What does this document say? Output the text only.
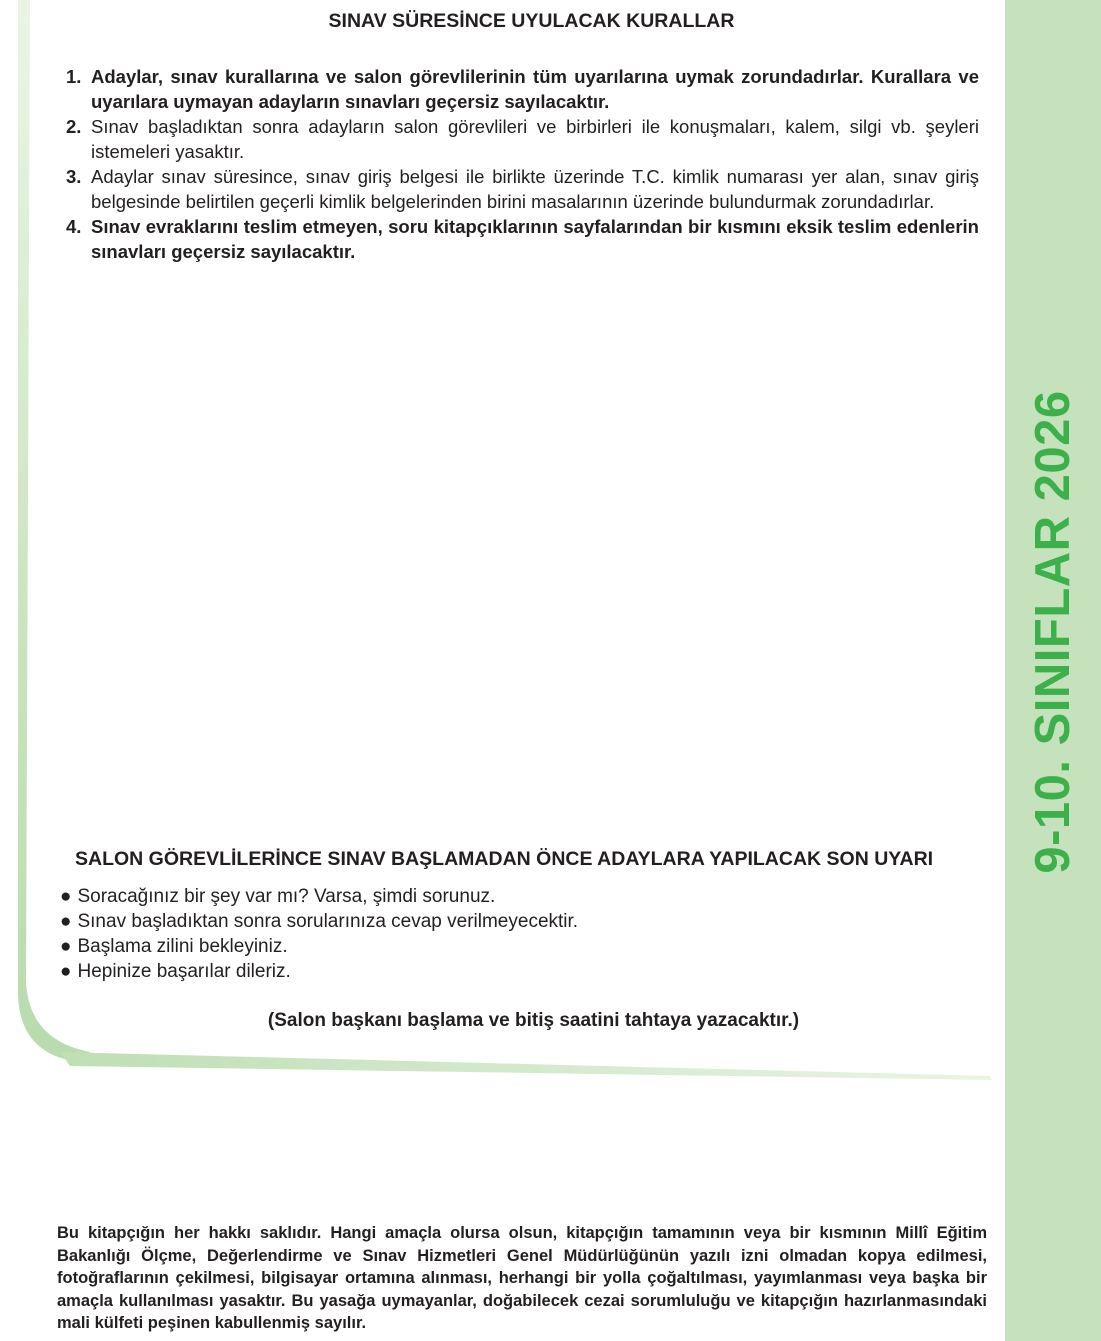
9-10. SINIFLAR 2026
SINAV SÜRESİNCE UYULACAK KURALLAR
1. Adaylar, sınav kurallarına ve salon görevlilerinin tüm uyarılarına uymak zorundadırlar. Kurallara ve uyarılara uymayan adayların sınavları geçersiz sayılacaktır.
2. Sınav başladıktan sonra adayların salon görevlileri ve birbirleri ile konuşmaları, kalem, silgi vb. şeyleri istemeleri yasaktır.
3. Adaylar sınav süresince, sınav giriş belgesi ile birlikte üzerinde T.C. kimlik numarası yer alan, sınav giriş belgesinde belirtilen geçerli kimlik belgelerinden birini masalarının üzerinde bulundurmak zorundadırlar.
4. Sınav evraklarını teslim etmeyen, soru kitapçıklarının sayfalarından bir kısmını eksik teslim edenlerin sınavları geçersiz sayılacaktır.
SALON GÖREVLİLERİNCE SINAV BAŞLAMADAN ÖNCE ADAYLARA YAPILACAK SON UYARI
● Soracağınız bir şey var mı? Varsa, şimdi sorunuz.
● Sınav başladıktan sonra sorularınıza cevap verilmeyecektir.
● Başlama zilini bekleyiniz.
● Hepinize başarılar dileriz.
(Salon başkanı başlama ve bitiş saatini tahtaya yazacaktır.)

Bu kitapçığın her hakkı saklıdır. Hangi amaçla olursa olsun, kitapçığın tamamının veya bir kısmının Millî Eğitim Bakanlığı Ölçme, Değerlendirme ve Sınav Hizmetleri Genel Müdürlüğünün yazılı izni olmadan kopya edilmesi, fotoğraflarının çekilmesi, bilgisayar ortamına alınması, herhangi bir yolla çoğaltılması, yayımlanması veya başka bir amaçla kullanılması yasaktır. Bu yasağa uymayanlar, doğabilecek cezai sorumluluğu ve kitapçığın hazırlanmasındaki mali külfeti peşinen kabullenmiş sayılır.
